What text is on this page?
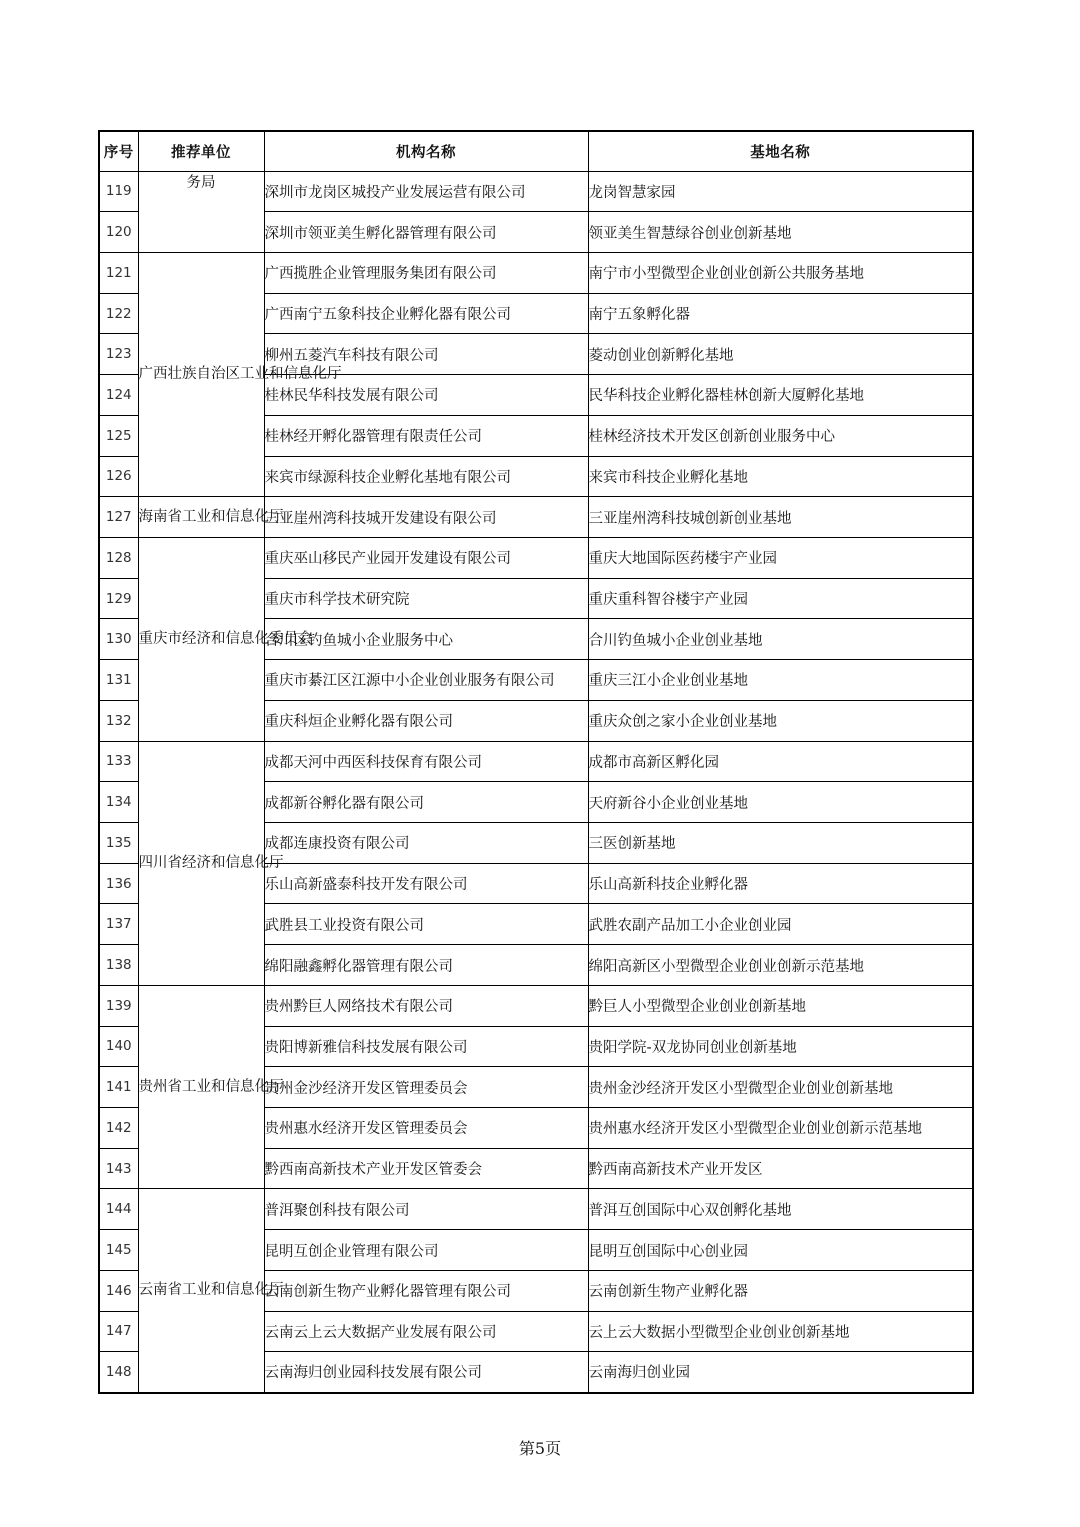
序号	推荐单位	机构名称	基地名称
119	务局	深圳市龙岗区城投产业发展运营有限公司	龙岗智慧家园
120		深圳市领亚美生孵化器管理有限公司	领亚美生智慧绿谷创业创新基地
121	广西壮族自治区工业和信息化厅	广西揽胜企业管理服务集团有限公司	南宁市小型微型企业创业创新公共服务基地
122		广西南宁五象科技企业孵化器有限公司	南宁五象孵化器
123		柳州五菱汽车科技有限公司	菱动创业创新孵化基地
124		桂林民华科技发展有限公司	民华科技企业孵化器桂林创新大厦孵化基地
125		桂林经开孵化器管理有限责任公司	桂林经济技术开发区创新创业服务中心
126		来宾市绿源科技企业孵化基地有限公司	来宾市科技企业孵化基地
127	海南省工业和信息化厅	三亚崖州湾科技城开发建设有限公司	三亚崖州湾科技城创新创业基地
128	重庆市经济和信息化委员会	重庆巫山移民产业园开发建设有限公司	重庆大地国际医药楼宇产业园
129		重庆市科学技术研究院	重庆重科智谷楼宇产业园
130		合川区钓鱼城小企业服务中心	合川钓鱼城小企业创业基地
131		重庆市綦江区江源中小企业创业服务有限公司	重庆三江小企业创业基地
132		重庆科烜企业孵化器有限公司	重庆众创之家小企业创业基地
133	四川省经济和信息化厅	成都天河中西医科技保育有限公司	成都市高新区孵化园
134		成都新谷孵化器有限公司	天府新谷小企业创业基地
135		成都连康投资有限公司	三医创新基地
136		乐山高新盛泰科技开发有限公司	乐山高新科技企业孵化器
137		武胜县工业投资有限公司	武胜农副产品加工小企业创业园
138		绵阳融鑫孵化器管理有限公司	绵阳高新区小型微型企业创业创新示范基地
139	贵州省工业和信息化厅	贵州黔巨人网络技术有限公司	黔巨人小型微型企业创业创新基地
140		贵阳博新雅信科技发展有限公司	贵阳学院-双龙协同创业创新基地
141		贵州金沙经济开发区管理委员会	贵州金沙经济开发区小型微型企业创业创新基地
142		贵州惠水经济开发区管理委员会	贵州惠水经济开发区小型微型企业创业创新示范基地
143		黔西南高新技术产业开发区管委会	黔西南高新技术产业开发区
144	云南省工业和信息化厅	普洱聚创科技有限公司	普洱互创国际中心双创孵化基地
145		昆明互创企业管理有限公司	昆明互创国际中心创业园
146		云南创新生物产业孵化器管理有限公司	云南创新生物产业孵化器
147		云南云上云大数据产业发展有限公司	云上云大数据小型微型企业创业创新基地
148		云南海归创业园科技发展有限公司	云南海归创业园
第5页
